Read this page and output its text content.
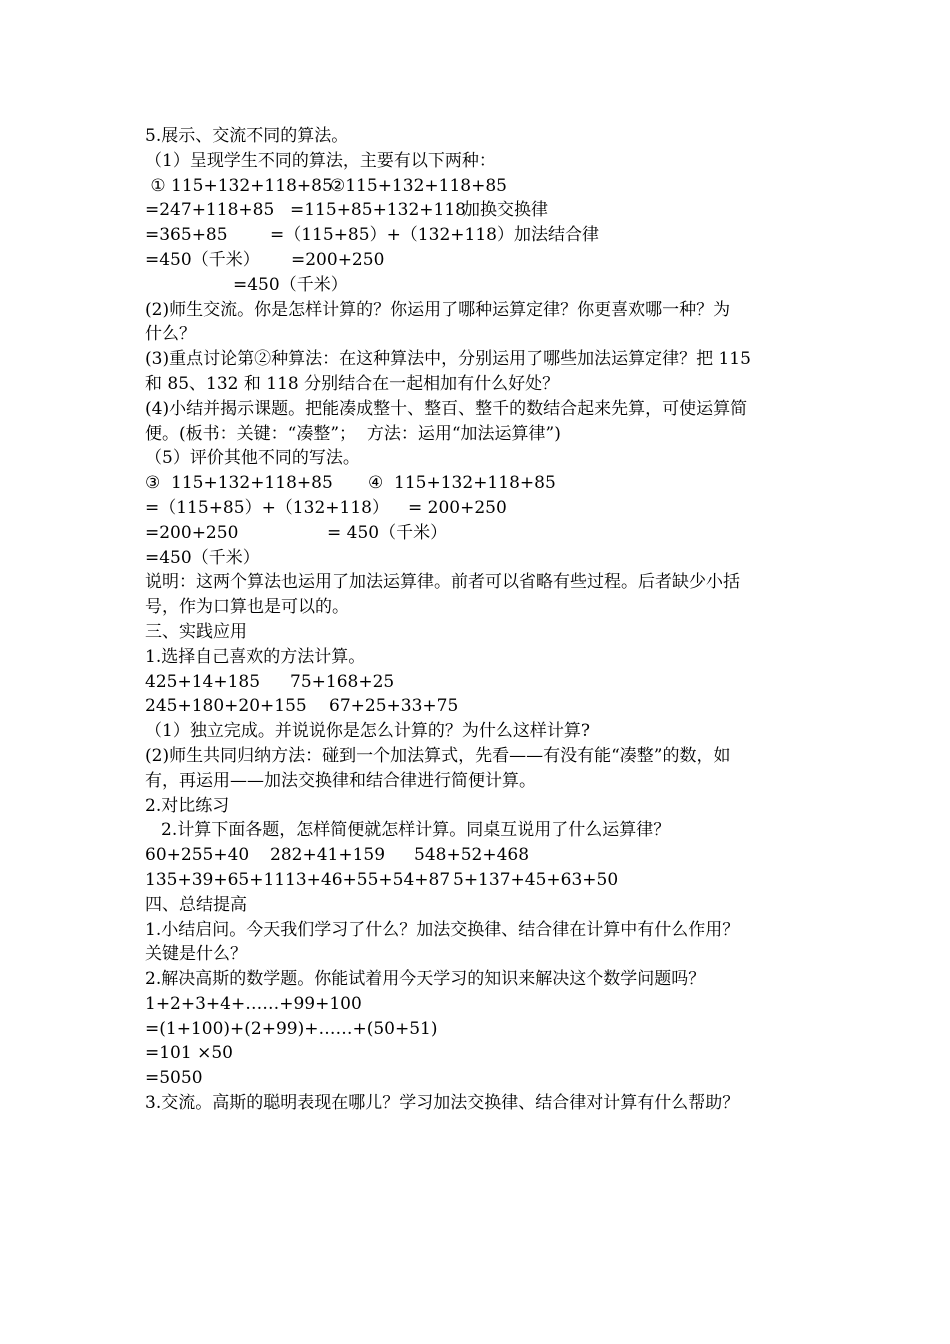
5.展示、交流不同的算法。
（1）呈现学生不同的算法，主要有以下两种：
① 115+132+118+85
②115+132+118+85
=247+118+85 =115+85+132+118
加换交换律
=365+85 =（115+85）+（132+118）加法结合律
=450（千米） =200+250
=450（千米）
(2)师生交流。你是怎样计算的？你运用了哪种运算定律？你更喜欢哪一种？为
什么？
(3)重点讨论第②种算法：在这种算法中，分别运用了哪些加法运算定律？把 115
和 85、132 和 118 分别结合在一起相加有什么好处？
(4)小结并揭示课题。把能凑成整十、整百、整千的数结合起来先算，可使运算简
便。(板书：关键：“凑整”；  方法：运用“加法运算律”)
（5）评价其他不同的写法。
③  115+132+118+85 ④  115+132+118+85
=（115+85）+（132+118） = 200+250
=200+250	= 450（千米）
=450（千米）
说明：这两个算法也运用了加法运算律。前者可以省略有些过程。后者缺少小括
号，作为口算也是可以的。
三、实践应用
1.选择自己喜欢的方法计算。
425+14+185 75+168+25
245+180+20+155 67+25+33+75
（1）独立完成。并说说你是怎么计算的？为什么这样计算?
(2)师生共同归纳方法：碰到一个加法算式，先看——有没有能“凑整”的数，如
有，再运用——加法交换律和结合律进行简便计算。
2.对比练习
2.计算下面各题，怎样简便就怎样计算。同桌互说用了什么运算律？
60+255+40 282+41+159 548+52+468
135+39+65+11 13+46+55+54+87 5+137+45+63+50
四、总结提高
1.小结启问。今天我们学习了什么？加法交换律、结合律在计算中有什么作用？
关键是什么？
2.解决高斯的数学题。你能试着用今天学习的知识来解决这个数学问题吗？
1+2+3+4+……+99+100
=(1+100)+(2+99)+……+(50+51)
=101 ×50
=5050
3.交流。高斯的聪明表现在哪儿？学习加法交换律、结合律对计算有什么帮助？
